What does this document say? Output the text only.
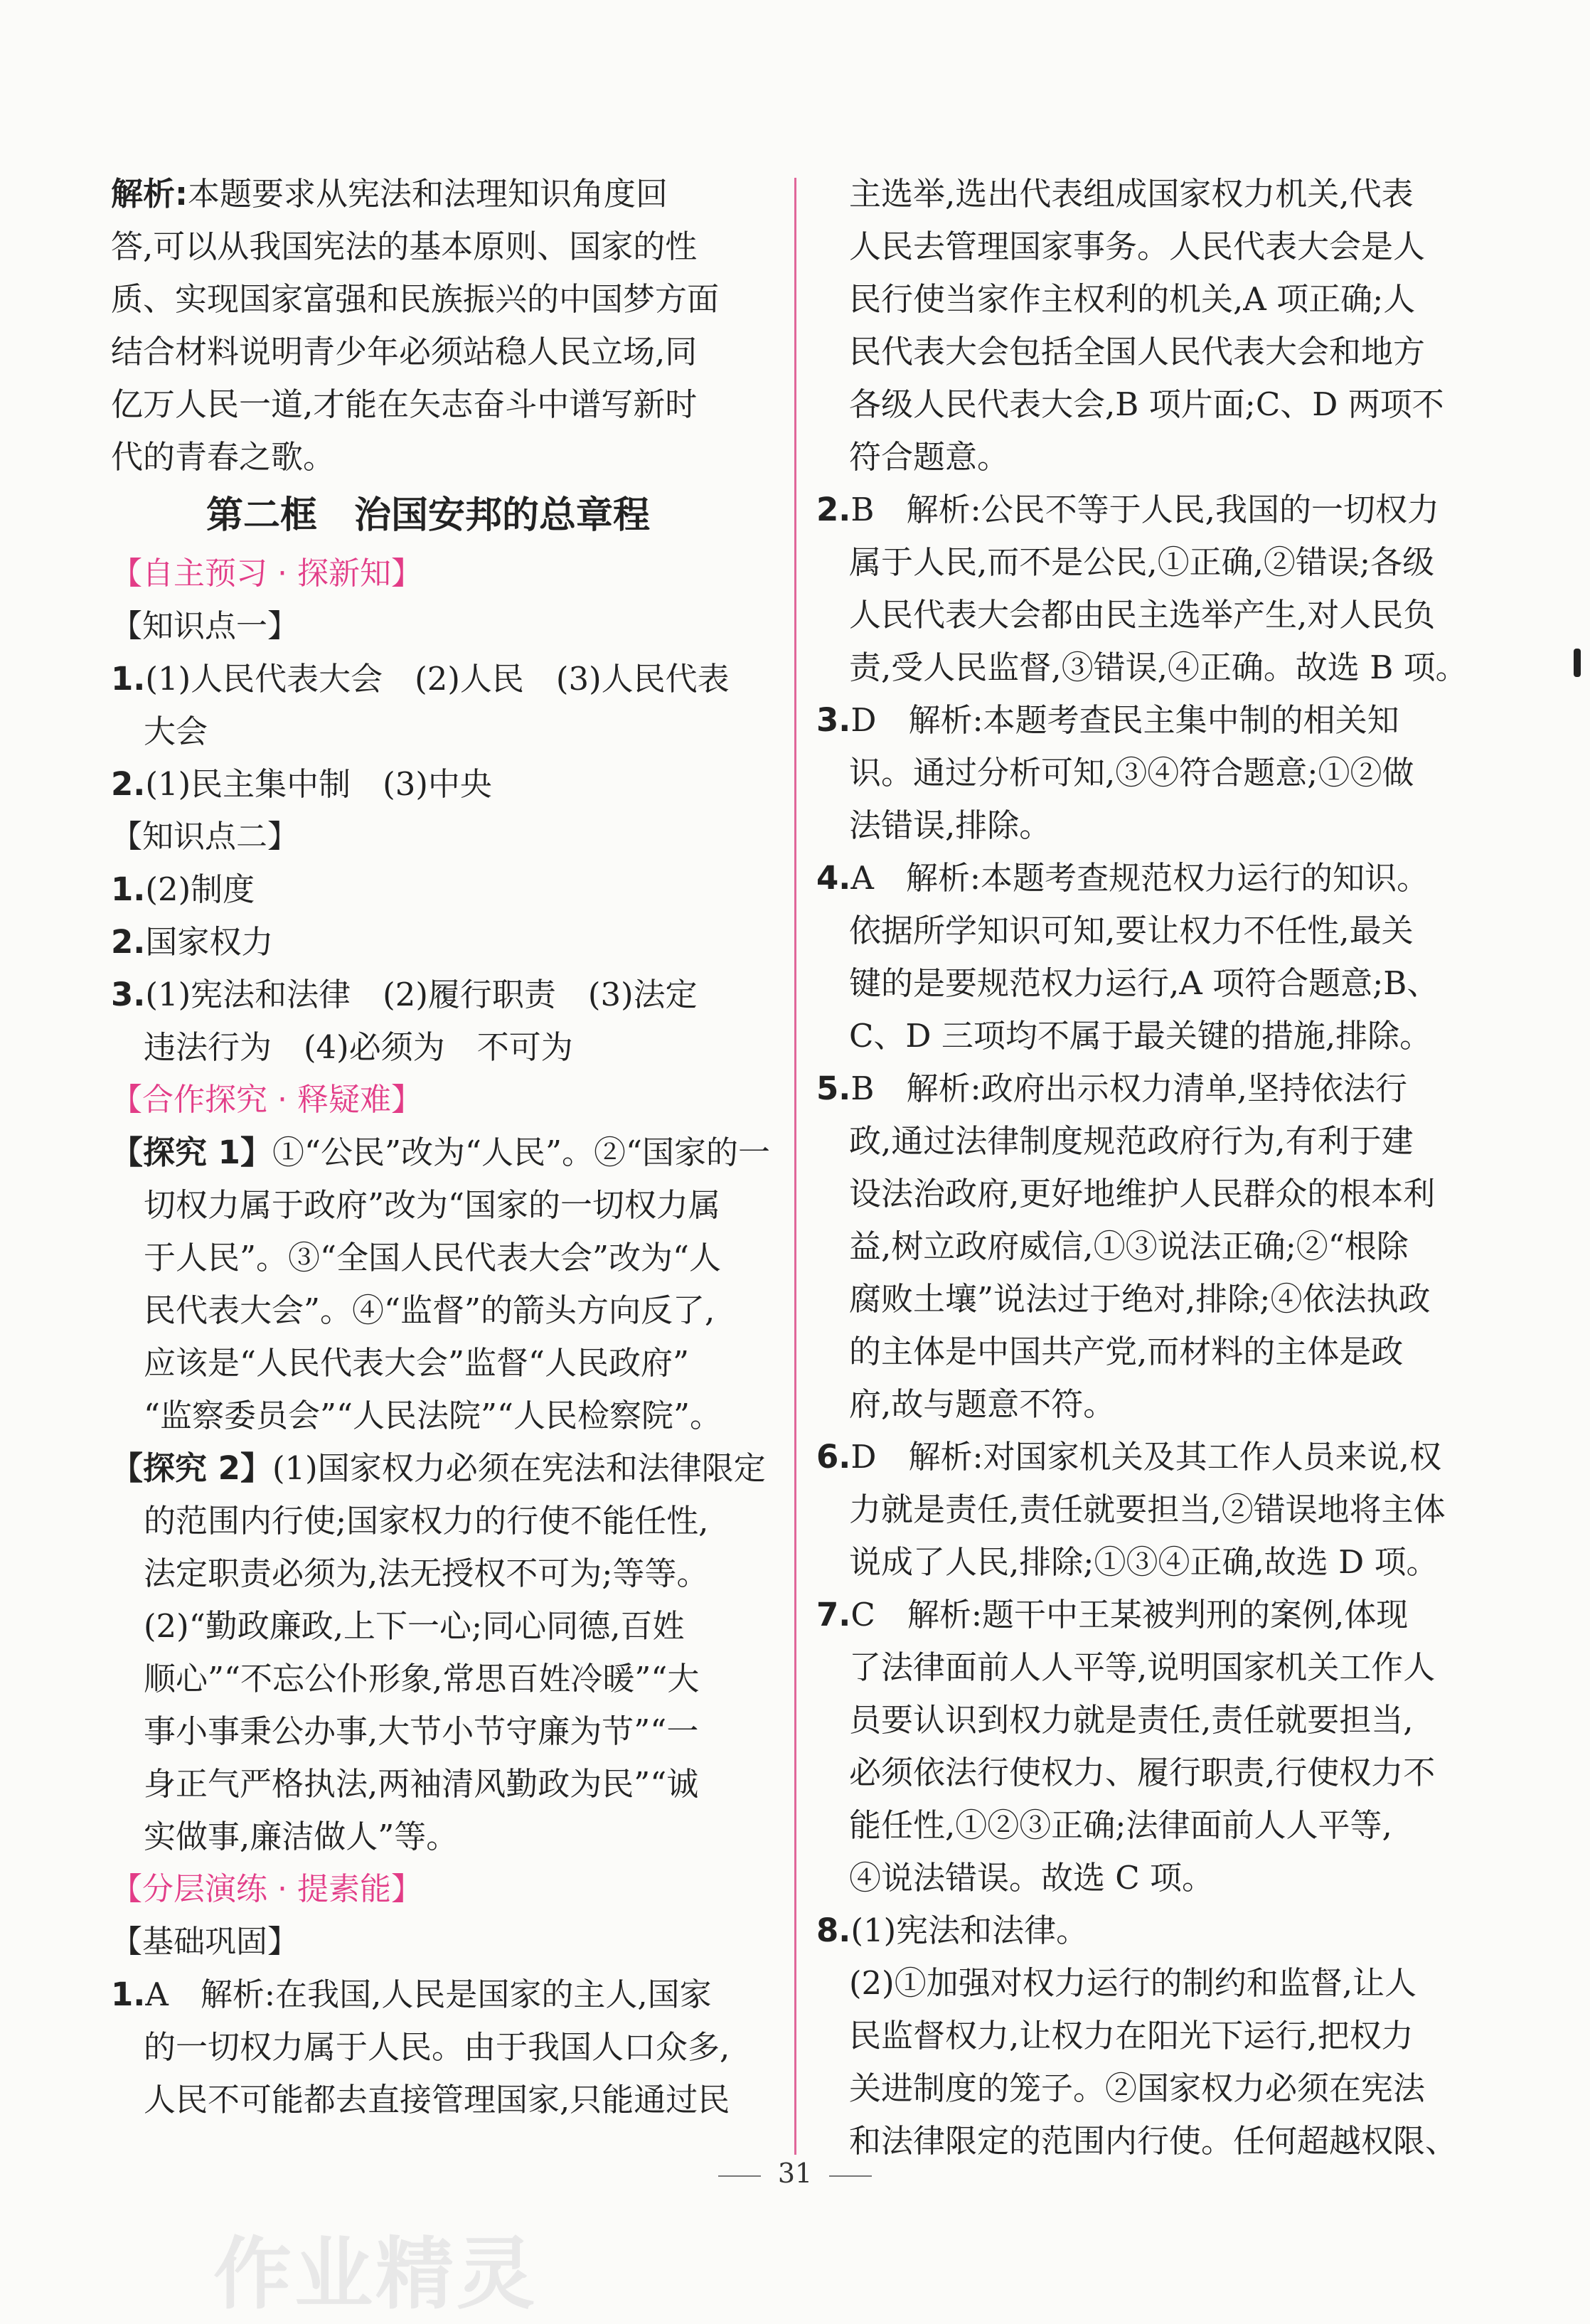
解析:本题要求从宪法和法理知识角度回

答,可以从我国宪法的基本原则、国家的性

质、实现国家富强和民族振兴的中国梦方面

结合材料说明青少年必须站稳人民立场,同

亿万人民一道,才能在矢志奋斗中谱写新时

代的青春之歌。

第二框　治国安邦的总章程

【自主预习 · 探新知】

【知识点一】

1.(1)人民代表大会　(2)人民　(3)人民代表

大会

2.(1)民主集中制　(3)中央

【知识点二】

1.(2)制度

2.国家权力

3.(1)宪法和法律　(2)履行职责　(3)法定

违法行为　(4)必须为　不可为

【合作探究 · 释疑难】

【探究 1】①“公民”改为“人民”。②“国家的一

切权力属于政府”改为“国家的一切权力属

于人民”。③“全国人民代表大会”改为“人

民代表大会”。④“监督”的箭头方向反了,

应该是“人民代表大会”监督“人民政府”

“监察委员会”“人民法院”“人民检察院”。

【探究 2】(1)国家权力必须在宪法和法律限定

的范围内行使;国家权力的行使不能任性,

法定职责必须为,法无授权不可为;等等。

(2)“勤政廉政,上下一心;同心同德,百姓

顺心”“不忘公仆形象,常思百姓冷暖”“大

事小事秉公办事,大节小节守廉为节”“一

身正气严格执法,两袖清风勤政为民”“诚

实做事,廉洁做人”等。

【分层演练 · 提素能】

【基础巩固】

1.A　解析:在我国,人民是国家的主人,国家

的一切权力属于人民。由于我国人口众多,

人民不可能都去直接管理国家,只能通过民

主选举,选出代表组成国家权力机关,代表

人民去管理国家事务。人民代表大会是人

民行使当家作主权利的机关,A 项正确;人

民代表大会包括全国人民代表大会和地方

各级人民代表大会,B 项片面;C、D 两项不

符合题意。

2.B　解析:公民不等于人民,我国的一切权力

属于人民,而不是公民,①正确,②错误;各级

人民代表大会都由民主选举产生,对人民负

责,受人民监督,③错误,④正确。故选 B 项。

3.D　解析:本题考查民主集中制的相关知

识。通过分析可知,③④符合题意;①②做

法错误,排除。

4.A　解析:本题考查规范权力运行的知识。

依据所学知识可知,要让权力不任性,最关

键的是要规范权力运行,A 项符合题意;B、

C、D 三项均不属于最关键的措施,排除。

5.B　解析:政府出示权力清单,坚持依法行

政,通过法律制度规范政府行为,有利于建

设法治政府,更好地维护人民群众的根本利

益,树立政府威信,①③说法正确;②“根除

腐败土壤”说法过于绝对,排除;④依法执政

的主体是中国共产党,而材料的主体是政

府,故与题意不符。

6.D　解析:对国家机关及其工作人员来说,权

力就是责任,责任就要担当,②错误地将主体

说成了人民,排除;①③④正确,故选 D 项。

7.C　解析:题干中王某被判刑的案例,体现

了法律面前人人平等,说明国家机关工作人

员要认识到权力就是责任,责任就要担当,

必须依法行使权力、履行职责,行使权力不

能任性,①②③正确;法律面前人人平等,

④说法错误。故选 C 项。

8.(1)宪法和法律。

(2)①加强对权力运行的制约和监督,让人

民监督权力,让权力在阳光下运行,把权力

关进制度的笼子。②国家权力必须在宪法

和法律限定的范围内行使。任何超越权限、

31
作业精灵
